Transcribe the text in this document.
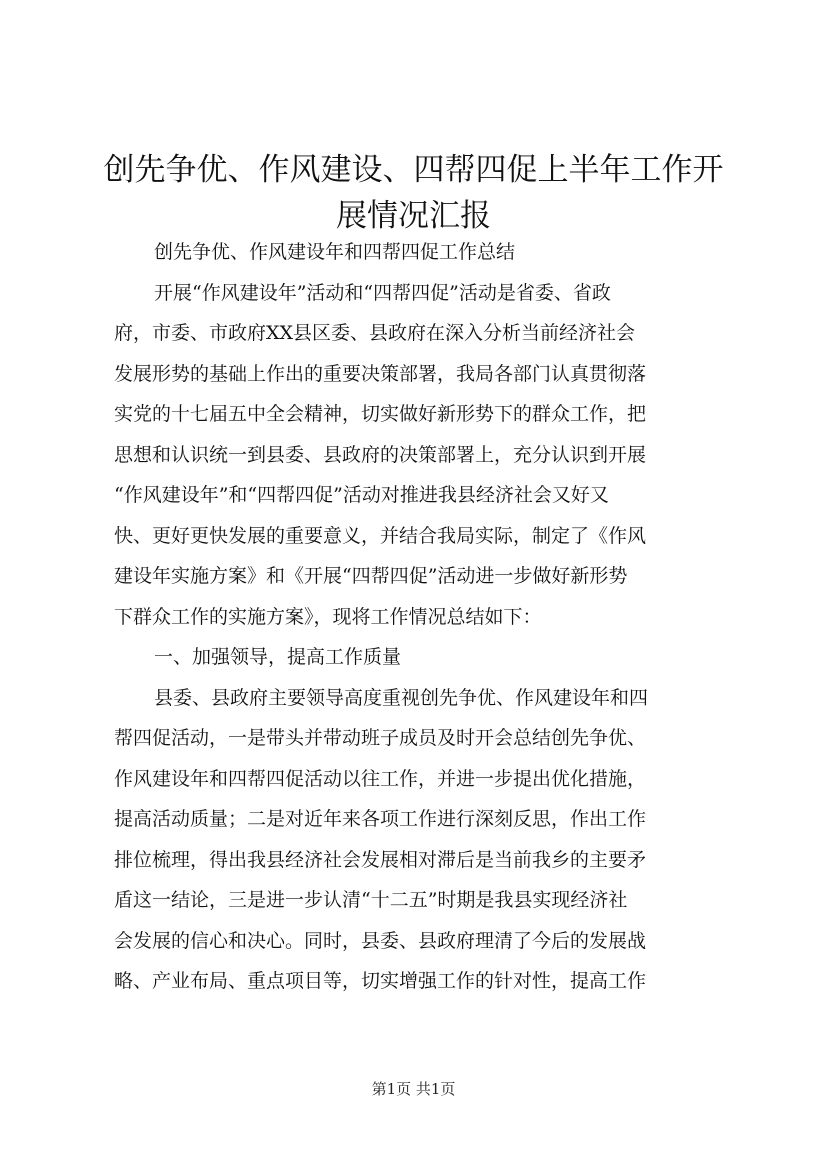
创先争优、作风建设、四帮四促上半年工作开
展情况汇报
创先争优、作风建设年和四帮四促工作总结
开展“作风建设年”活动和“四帮四促”活动是省委、省政
府，市委、市政府XX县区委、县政府在深入分析当前经济社会
发展形势的基础上作出的重要决策部署，我局各部门认真贯彻落
实党的十七届五中全会精神，切实做好新形势下的群众工作，把
思想和认识统一到县委、县政府的决策部署上，充分认识到开展
“作风建设年”和“四帮四促”活动对推进我县经济社会又好又
快、更好更快发展的重要意义，并结合我局实际，制定了《作风
建设年实施方案》和《开展“四帮四促”活动进一步做好新形势
下群众工作的实施方案》，现将工作情况总结如下：
一、加强领导，提高工作质量
县委、县政府主要领导高度重视创先争优、作风建设年和四
帮四促活动，一是带头并带动班子成员及时开会总结创先争优、
作风建设年和四帮四促活动以往工作，并进一步提出优化措施，
提高活动质量；二是对近年来各项工作进行深刻反思，作出工作
排位梳理，得出我县经济社会发展相对滞后是当前我乡的主要矛
盾这一结论，三是进一步认清“十二五”时期是我县实现经济社
会发展的信心和决心。同时，县委、县政府理清了今后的发展战
略、产业布局、重点项目等，切实增强工作的针对性，提高工作
第1页 共1页
